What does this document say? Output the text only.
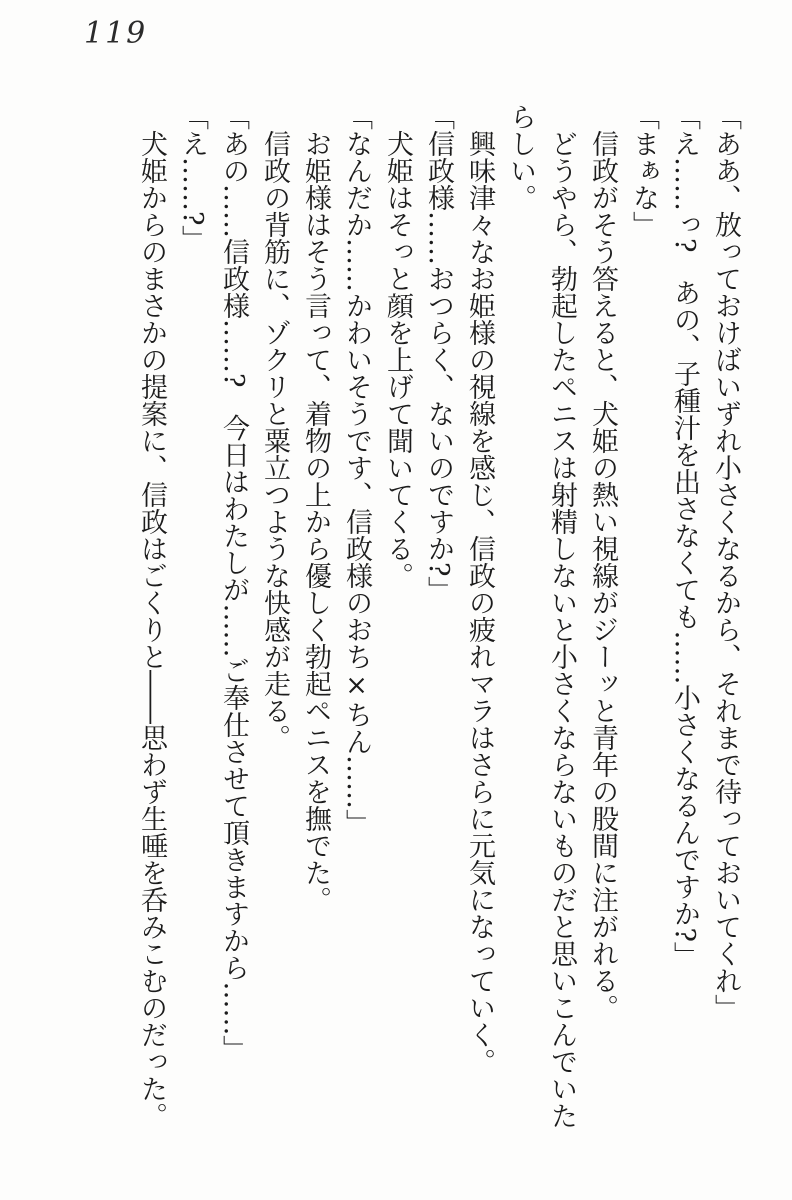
119

「ああ、放っておけばいずれ小さくなるから、それまで待っておいてくれ」

「え……っ?　あの、子種汁を出さなくても……小さくなるんですか?」

「まぁな」

信政がそう答えると、犬姫の熱い視線がジーッと青年の股間に注がれる。

どうやら、勃起したペニスは射精しないと小さくならないものだと思いこんでいたらしい。

興味津々なお姫様の視線を感じ、信政の疲れマラはさらに元気になっていく。

「信政様……おつらく、ないのですか?」

犬姫はそっと顔を上げて聞いてくる。

「なんだか……かわいそうです、信政様のおち×ちん……」

お姫様はそう言って、着物の上から優しく勃起ペニスを撫でた。

信政の背筋に、ゾクリと粟立つような快感が走る。

「あの……信政様……?　今日はわたしが……ご奉仕させて頂きますから……」

「え……?」

犬姫からのまさかの提案に、信政はごくりと――思わず生唾を呑みこむのだった。
